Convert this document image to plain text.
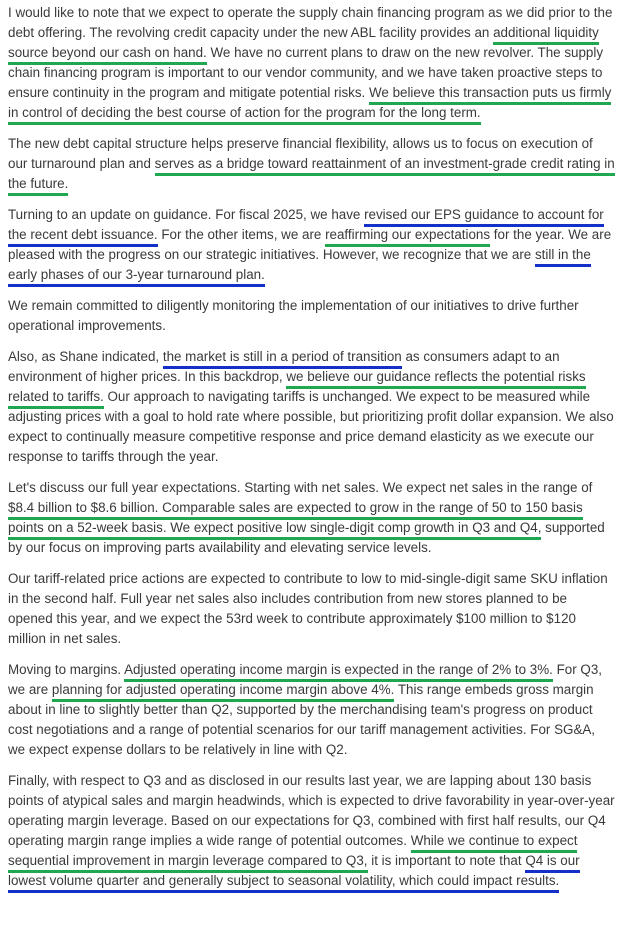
I would like to note that we expect to operate the supply chain financing program as we did prior to the debt offering. The revolving credit capacity under the new ABL facility provides an additional liquidity source beyond our cash on hand. We have no current plans to draw on the new revolver. The supply chain financing program is important to our vendor community, and we have taken proactive steps to ensure continuity in the program and mitigate potential risks. We believe this transaction puts us firmly in control of deciding the best course of action for the program for the long term.

The new debt capital structure helps preserve financial flexibility, allows us to focus on execution of our turnaround plan and serves as a bridge toward reattainment of an investment-grade credit rating in the future.

Turning to an update on guidance. For fiscal 2025, we have revised our EPS guidance to account for the recent debt issuance. For the other items, we are reaffirming our expectations for the year. We are pleased with the progress on our strategic initiatives. However, we recognize that we are still in the early phases of our 3-year turnaround plan.

We remain committed to diligently monitoring the implementation of our initiatives to drive further operational improvements.

Also, as Shane indicated, the market is still in a period of transition as consumers adapt to an environment of higher prices. In this backdrop, we believe our guidance reflects the potential risks related to tariffs. Our approach to navigating tariffs is unchanged. We expect to be measured while adjusting prices with a goal to hold rate where possible, but prioritizing profit dollar expansion. We also expect to continually measure competitive response and price demand elasticity as we execute our response to tariffs through the year.

Let's discuss our full year expectations. Starting with net sales. We expect net sales in the range of $8.4 billion to $8.6 billion. Comparable sales are expected to grow in the range of 50 to 150 basis points on a 52-week basis. We expect positive low single-digit comp growth in Q3 and Q4, supported by our focus on improving parts availability and elevating service levels.

Our tariff-related price actions are expected to contribute to low to mid-single-digit same SKU inflation in the second half. Full year net sales also includes contribution from new stores planned to be opened this year, and we expect the 53rd week to contribute approximately $100 million to $120 million in net sales.

Moving to margins. Adjusted operating income margin is expected in the range of 2% to 3%. For Q3, we are planning for adjusted operating income margin above 4%. This range embeds gross margin about in line to slightly better than Q2, supported by the merchandising team's progress on product cost negotiations and a range of potential scenarios for our tariff management activities. For SG&A, we expect expense dollars to be relatively in line with Q2.

Finally, with respect to Q3 and as disclosed in our results last year, we are lapping about 130 basis points of atypical sales and margin headwinds, which is expected to drive favorability in year-over-year operating margin leverage. Based on our expectations for Q3, combined with first half results, our Q4 operating margin range implies a wide range of potential outcomes. While we continue to expect sequential improvement in margin leverage compared to Q3, it is important to note that Q4 is our lowest volume quarter and generally subject to seasonal volatility, which could impact results.
